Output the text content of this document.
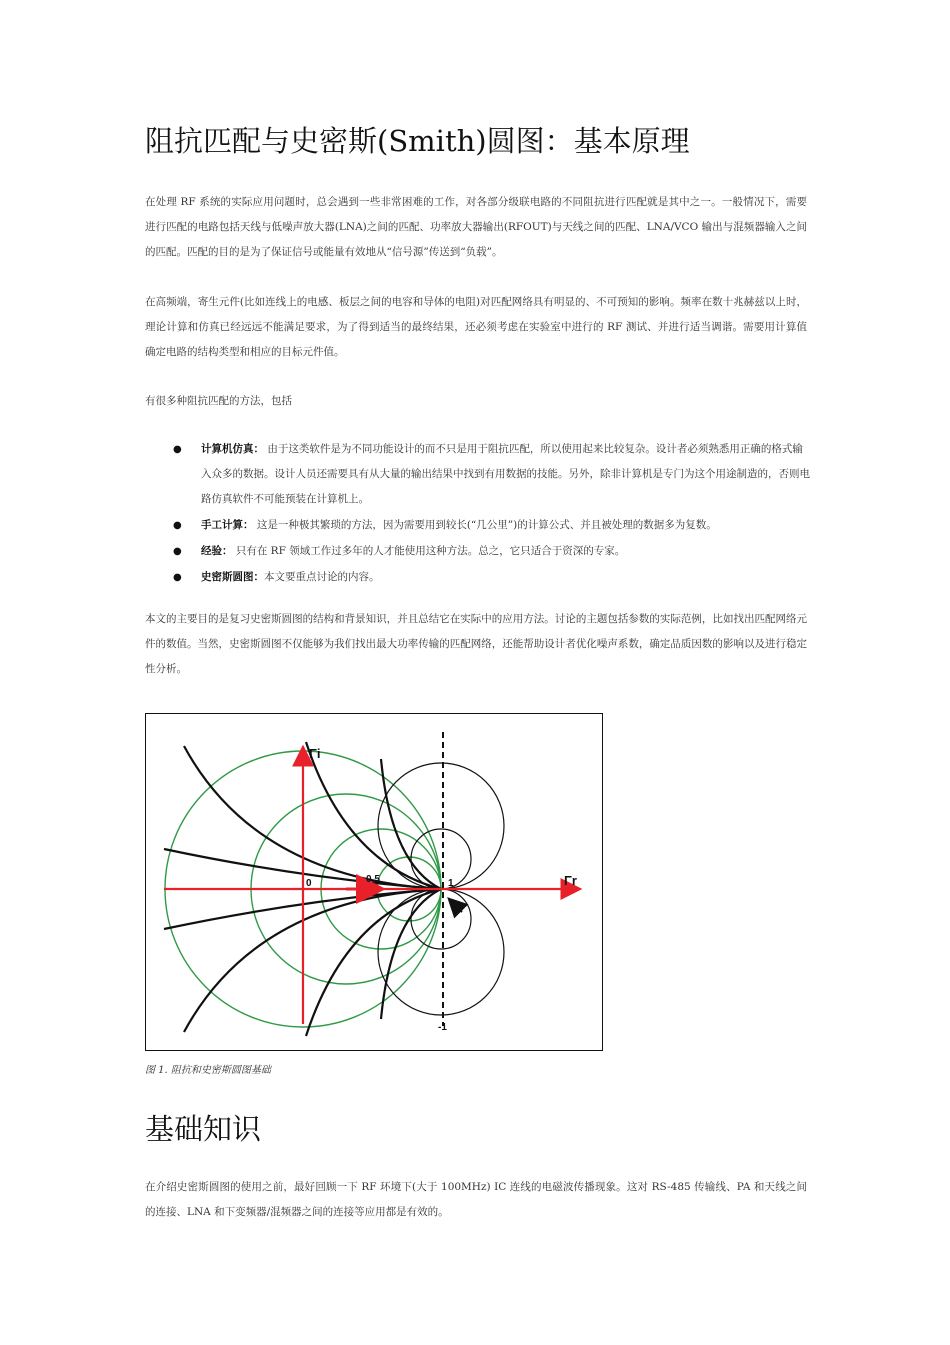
阻抗匹配与史密斯(Smith)圆图：基本原理

在处理 RF 系统的实际应用问题时，总会遇到一些非常困难的工作，对各部分级联电路的不同阻抗进行匹配就是其中之一。一般情况下，需要进行匹配的电路包括天线与低噪声放大器(LNA)之间的匹配、功率放大器输出(RFOUT)与天线之间的匹配、LNA/VCO 输出与混频器输入之间的匹配。匹配的目的是为了保证信号或能量有效地从“信号源”传送到“负载”。

在高频端，寄生元件(比如连线上的电感、板层之间的电容和导体的电阻)对匹配网络具有明显的、不可预知的影响。频率在数十兆赫兹以上时，理论计算和仿真已经远远不能满足要求，为了得到适当的最终结果，还必须考虑在实验室中进行的 RF 测试、并进行适当调谐。需要用计算值确定电路的结构类型和相应的目标元件值。

有很多种阻抗匹配的方法，包括

● 计算机仿真： 由于这类软件是为不同功能设计的而不只是用于阻抗匹配，所以使用起来比较复杂。设计者必须熟悉用正确的格式输入众多的数据。设计人员还需要具有从大量的输出结果中找到有用数据的技能。另外，除非计算机是专门为这个用途制造的，否则电路仿真软件不可能预装在计算机上。
● 手工计算： 这是一种极其繁琐的方法，因为需要用到较长(“几公里”)的计算公式、并且被处理的数据多为复数。
● 经验： 只有在 RF 领域工作过多年的人才能使用这种方法。总之，它只适合于资深的专家。
● 史密斯圆图：本文要重点讨论的内容。

本文的主要目的是复习史密斯圆图的结构和背景知识，并且总结它在实际中的应用方法。讨论的主题包括参数的实际范例，比如找出匹配网络元件的数值。当然，史密斯圆图不仅能够为我们找出最大功率传输的匹配网络，还能帮助设计者优化噪声系数，确定品质因数的影响以及进行稳定性分析。

Γi
Γr
0	0.5	1
-1
图 1. 阻抗和史密斯圆图基础
基础知识

在介绍史密斯圆图的使用之前，最好回顾一下 RF 环境下(大于 100MHz) IC 连线的电磁波传播现象。这对 RS-485 传输线、PA 和天线之间的连接、LNA 和下变频器/混频器之间的连接等应用都是有效的。
